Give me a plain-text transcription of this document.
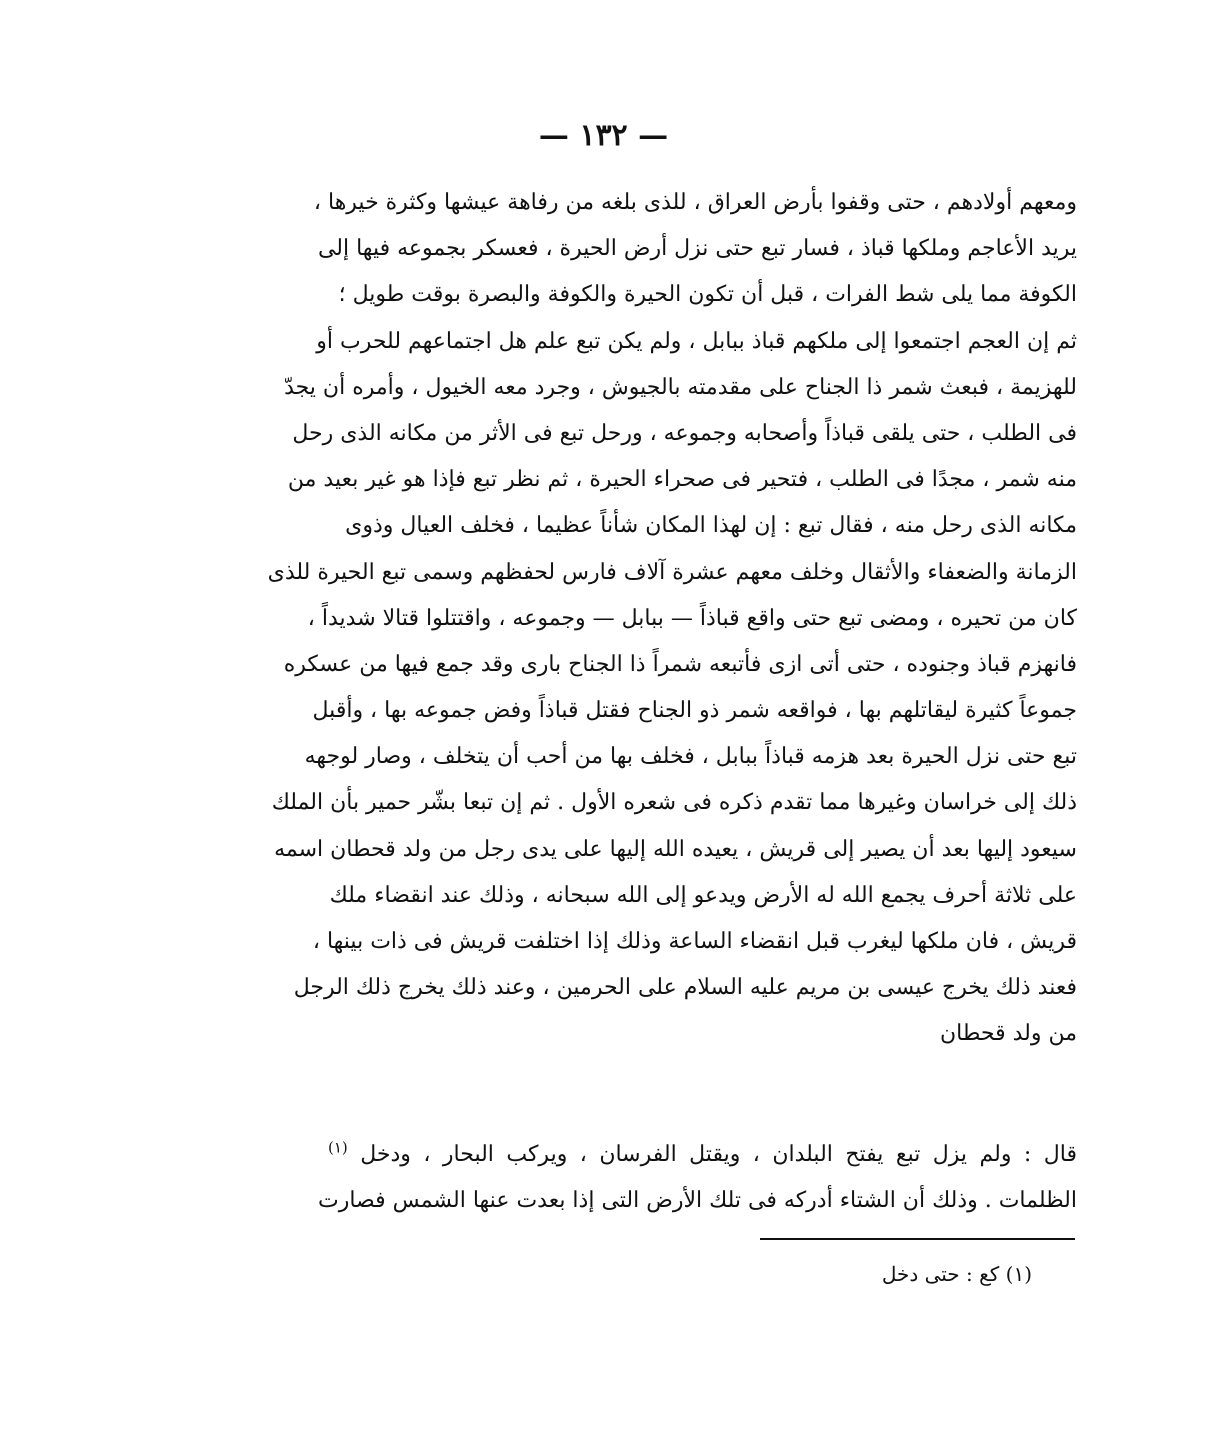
— ١٣٢ —

ومعهم أولادهم ، حتى وقفوا بأرض العراق ، للذى بلغه من رفاهة عيشها وكثرة خيرها ،

يريد الأعاجم وملكها قباذ ، فسار تبع حتى نزل أرض الحيرة ، فعسكر بجموعه فيها إلى

الكوفة مما يلى شط الفرات ، قبل أن تكون الحيرة والكوفة والبصرة بوقت طويل ؛

ثم إن العجم اجتمعوا إلى ملكهم قباذ ببابل ، ولم يكن تبع علم هل اجتماعهم للحرب أو

للهزيمة ، فبعث شمر ذا الجناح على مقدمته بالجيوش ، وجرد معه الخيول ، وأمره أن يجدّ

فى الطلب ، حتى يلقى قباذاً وأصحابه وجموعه ، ورحل تبع فى الأثر من مكانه الذى رحل

منه شمر ، مجدًا فى الطلب ، فتحير فى صحراء الحيرة ، ثم نظر تبع فإذا هو غير بعيد من

مكانه الذى رحل منه ، فقال تبع : إن لهذا المكان شأناً عظيما ، فخلف العيال وذوى

الزمانة والضعفاء والأثقال وخلف معهم عشرة آلاف فارس لحفظهم وسمى تبع الحيرة للذى

كان من تحيره ، ومضى تبع حتى واقع قباذاً — ببابل — وجموعه ، واقتتلوا قتالا شديداً ،

فانهزم قباذ وجنوده ، حتى أتى ازى فأتبعه شمراً ذا الجناح بارى وقد جمع فيها من عسكره

جموعاً كثيرة ليقاتلهم بها ، فواقعه شمر ذو الجناح فقتل قباذاً وفض جموعه بها ، وأقبل

تبع حتى نزل الحيرة بعد هزمه قباذاً ببابل ، فخلف بها من أحب أن يتخلف ، وصار لوجهه

ذلك إلى خراسان وغيرها مما تقدم ذكره فى شعره الأول . ثم إن تبعا بشّر حمير بأن الملك

سيعود إليها بعد أن يصير إلى قريش ، يعيده الله إليها على يدى رجل من ولد قحطان اسمه

على ثلاثة أحرف يجمع الله له الأرض ويدعو إلى الله سبحانه ، وذلك عند انقضاء ملك

قريش ، فان ملكها ليغرب قبل انقضاء الساعة وذلك إذا اختلفت قريش فى ذات بينها ،

فعند ذلك يخرج عيسى بن مريم عليه السلام على الحرمين ، وعند ذلك يخرج ذلك الرجل

من ولد قحطان

قال : ولم يزل تبع يفتح البلدان ، ويقتل الفرسان ، ويركب البحار ، ودخل $^{(١)}$

الظلمات . وذلك أن الشتاء أدركه فى تلك الأرض التى إذا بعدت عنها الشمس فصارت

(١) كع : حتى دخل
